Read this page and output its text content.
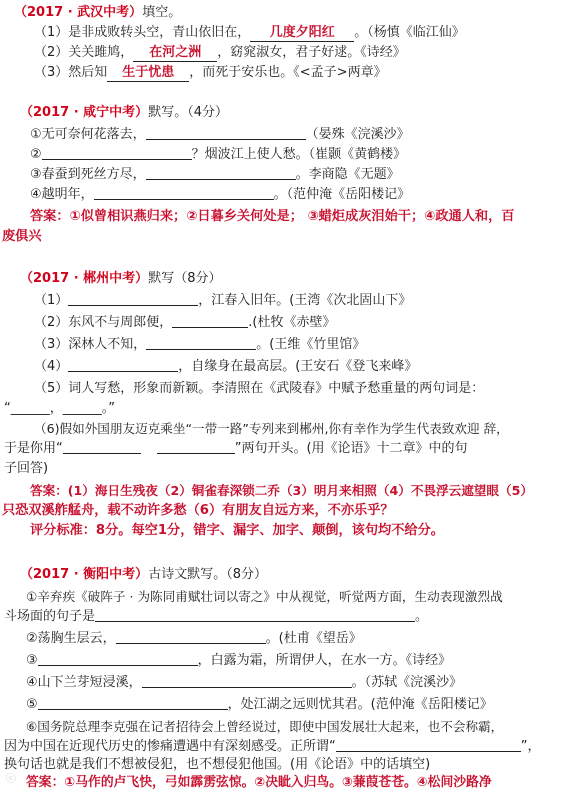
（2017 · 武汉中考）填空。
（1）是非成败转头空，青山依旧在， 几度夕阳红 。（杨慎《临江仙》
（2）关关雎鸠， 在河之洲 ，窈窕淑女，君子好逑。《诗经》
（3）然后知 生于忧患 ，而死于安乐也。《<孟子>两章》
（2017 · 咸宁中考）默写。（4分）
①无可奈何花落去，	（晏殊《浣溪沙》
②	？烟波江上使人愁。（崔颢《黄鹤楼》
③春蚕到死丝方尽，	。李商隐《无题》
④越明年，	。（范仲淹《岳阳楼记》
答案：①似曾相识燕归来；②日暮乡关何处是； ③蜡炬成灰泪始干；④政通人和，百
废俱兴
（2017 · 郴州中考）默写（8分）
（1）	，江春入旧年。(王湾《次北固山下》
（2）东风不与周郎便，	.(杜牧《赤壁》
（3）深林人不知，	。(王维《竹里馆》
（4）	，自缘身在最高层。(王安石《登飞来峰》
（5）词人写愁，形象而新颖。李清照在《武陵春》中赋予愁重量的两句词是：
“______，______。”
（6)假如外国朋友迈克乘坐“一带一路”专列来到郴州,你有幸作为学生代表致欢迎 辞，
于是你用“	”两句开头。(用《论语》十二章》中的句
子回答)
答案：(1）海日生残夜（2）铜雀春深锁二乔（3）明月来相照（4）不畏浮云遮望眼（5）
只恐双溪舴艋舟，载不动许多愁（6）有朋友自远方来，不亦乐乎？
评分标准：8分。每空1分，错字、漏字、加字、颠倒，该句均不给分。
（2017 · 衡阳中考）古诗文默写。（8分）
①辛弃疾《破阵子 · 为陈同甫赋壮词以寄之》中从视觉，听觉两方面，生动表现激烈战
斗场面的句子是	。
②荡胸生层云，	。(杜甫《望岳》
③	，白露为霜，所谓伊人，在水一方。《诗经》
④山下兰芽短浸溪，	。（苏轼《浣溪沙》
⑤	，处江湖之远则忧其君。(范仲淹《岳阳楼记》
⑥国务院总理李克强在记者招待会上曾经说过，即使中国发展壮大起来，也不会称霸，
因为中国在近现代历史的惨痛遭遇中有深刻感受。正所谓“	”，
换句话也就是我们不想被侵犯，也不想侵犯他国。(用《论语》中的话填空)
答案：①马作的卢飞快，弓如霹雳弦惊。②决眦入归鸟。③蒹葭苍苍。④松间沙路净
ⓒ
